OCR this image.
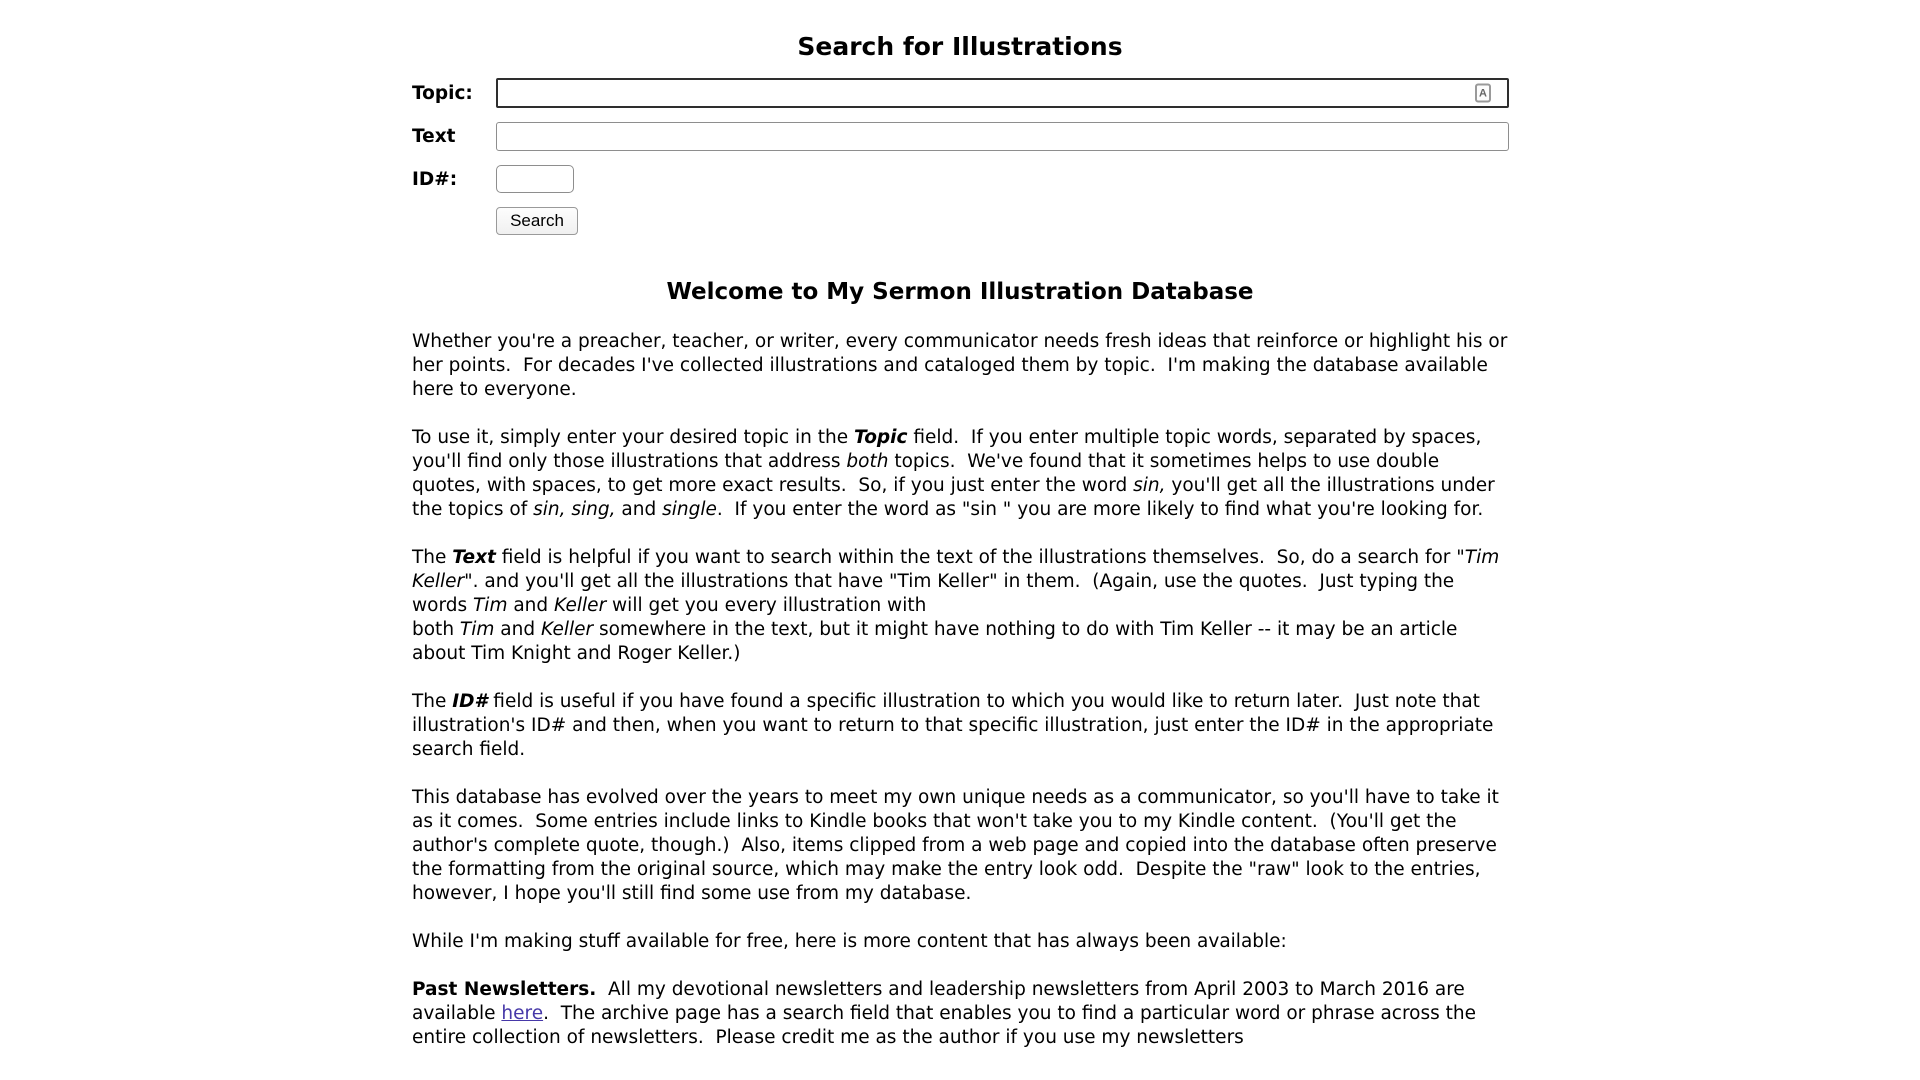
Search for Illustrations
Topic:	A
Text
ID#:
Search
Welcome to My Sermon Illustration Database

Whether you're a preacher, teacher, or writer, every communicator needs fresh ideas that reinforce or highlight his or her points.  For decades I've collected illustrations and cataloged them by topic.  I'm making the database available here to everyone.

To use it, simply enter your desired topic in the Topic field.  If you enter multiple topic words, separated by spaces, you'll find only those illustrations that address both topics.  We've found that it sometimes helps to use double quotes, with spaces, to get more exact results.  So, if you just enter the word sin, you'll get all the illustrations under the topics of sin, sing, and single.  If you enter the word as "sin " you are more likely to find what you're looking for.

The Text field is helpful if you want to search within the text of the illustrations themselves.  So, do a search for "Tim Keller". and you'll get all the illustrations that have "Tim Keller" in them.  (Again, use the quotes.  Just typing the words Tim and Keller will get you every illustration with
both Tim and Keller somewhere in the text, but it might have nothing to do with Tim Keller -- it may be an article about Tim Knight and Roger Keller.)

The ID# field is useful if you have found a specific illustration to which you would like to return later.  Just note that illustration's ID# and then, when you want to return to that specific illustration, just enter the ID# in the appropriate search field.

This database has evolved over the years to meet my own unique needs as a communicator, so you'll have to take it as it comes.  Some entries include links to Kindle books that won't take you to my Kindle content.  (You'll get the author's complete quote, though.)  Also, items clipped from a web page and copied into the database often preserve the formatting from the original source, which may make the entry look odd.  Despite the "raw" look to the entries, however, I hope you'll still find some use from my database.

While I'm making stuff available for free, here is more content that has always been available:

Past Newsletters.  All my devotional newsletters and leadership newsletters from April 2003 to March 2016 are available here.  The archive page has a search field that enables you to find a particular word or phrase across the entire collection of newsletters.  Please credit me as the author if you use my newsletters
